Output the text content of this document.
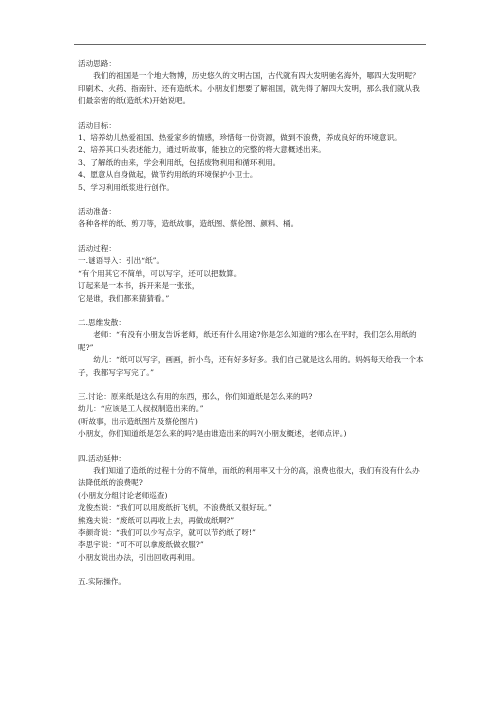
活动思路：

我们的祖国是一个地大物博，历史悠久的文明古国，古代就有四大发明驰名海外，哪四大发明呢？印刷术、火药、指南针、还有造纸术。小朋友们想要了解祖国，就先得了解四大发明，那么我们就从我们最亲密的纸(造纸术)开始说吧。

活动目标：

1、培养幼儿热爱祖国、热爱家乡的情感，珍惜每一份资源，做到不浪费，养成良好的环境意识。

2、培养其口头表述能力，通过听故事，能独立的完整的将大意概述出来。

3、了解纸的由来，学会利用纸，包括废物利用和循环利用。

4、愿意从自身做起，做节约用纸的环境保护小卫士。

5、学习利用纸浆进行创作。

活动准备：

各种各样的纸、剪刀等，造纸故事，造纸图、蔡伦图、颜料、桶。

活动过程：

一.谜语导入：引出“纸”。

“有个用其它不简单，可以写字，还可以把数算。

订起来是一本书，拆开来是一张张，

它是谁，我们都来猜猜看。”

二.思维发散：

老师：“有没有小朋友告诉老师，纸还有什么用途?你是怎么知道的?那么在平时，我们怎么用纸的呢?”

幼儿：“纸可以写字，画画，折小鸟，还有好多好多。我们自己就是这么用的。妈妈每天给我一个本子，我都写字写完了。”

三.讨论：原来纸是这么有用的东西，那么，你们知道纸是怎么来的吗?

幼儿：“应该是工人叔叔制造出来的。”

(听故事，出示造纸图片及蔡伦图片)

小朋友，你们知道纸是怎么来的吗?是由谁造出来的吗?(小朋友概述，老师点评。)

四.活动延伸：

我们知道了造纸的过程十分的不简单，而纸的利用率又十分的高，浪费也很大，我们有没有什么办法降低纸的浪费呢?

(小朋友分组讨论老师巡查)

龙俊杰说：“我们可以用废纸折飞机，不浪费纸又很好玩。”

熊逸夫说：“废纸可以再收上去，再做成纸啊?”

李颜奇说：“我们可以少写点字，就可以节约纸了呀!”

李思宇说：“可不可以拿废纸做衣服?”

小朋友说出办法，引出回收再利用。

五.实际操作。
